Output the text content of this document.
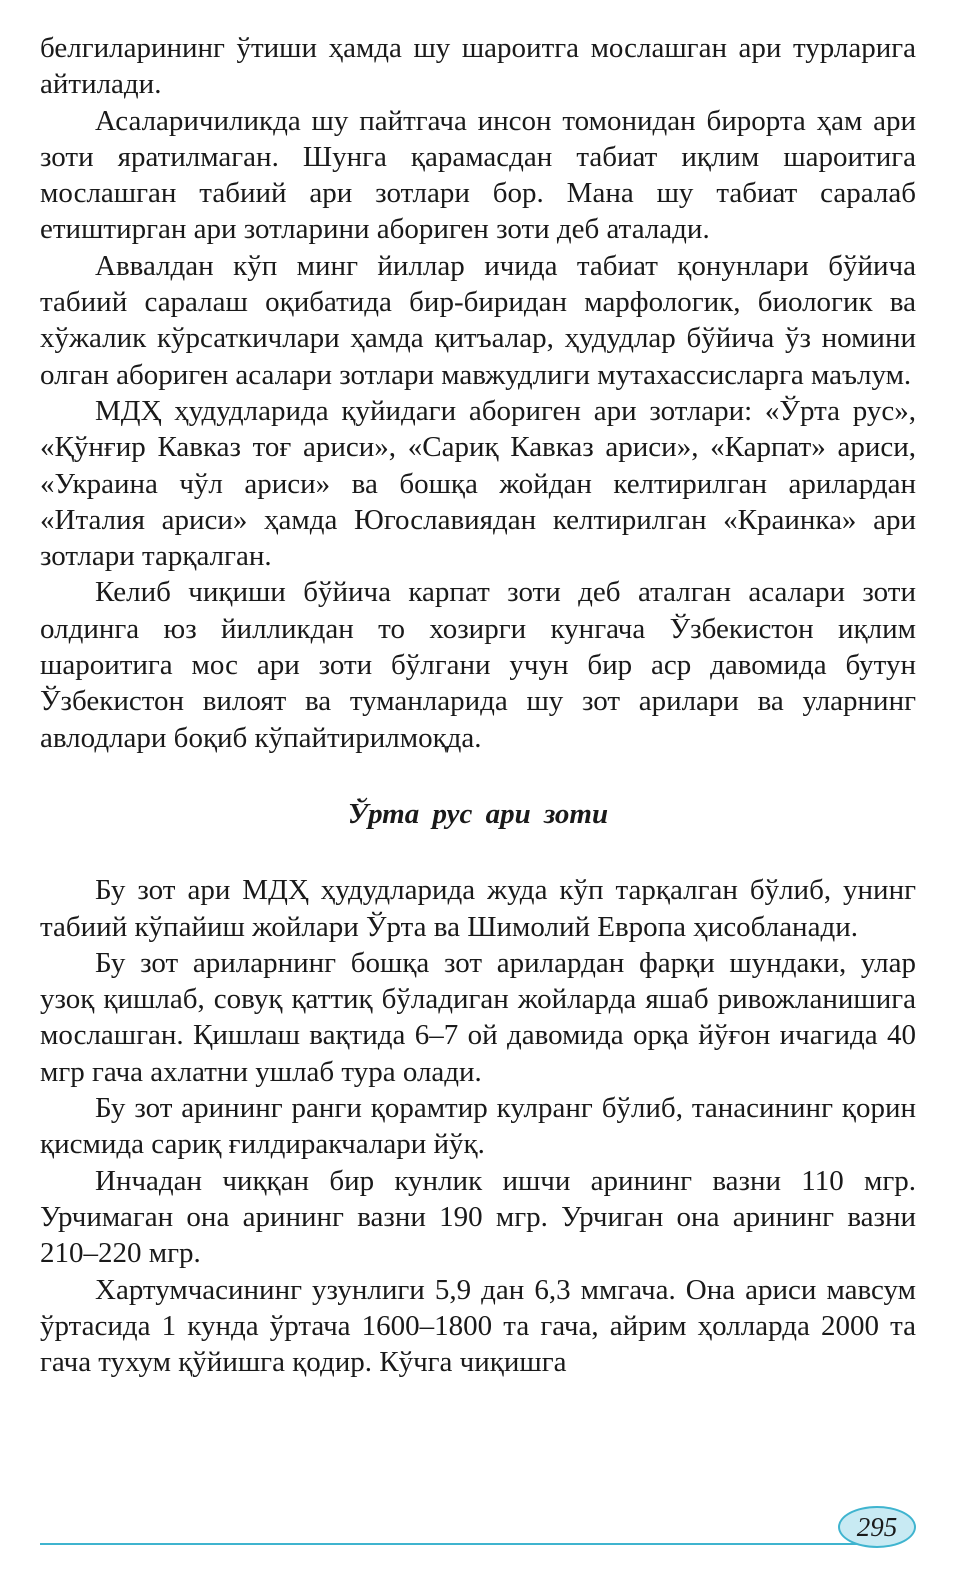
белгиларининг ўтиши ҳамда шу шароитга мослашган ари турларига айтилади.

Асаларичиликда шу пайтгача инсон томонидан бирорта ҳам ари зоти яратилмаган. Шунга қарамасдан табиат иқлим шароитига мослашган табиий ари зотлари бор. Мана шу табиат саралаб етиштирган ари зотларини абориген зоти деб аталади.

Аввалдан кўп минг йиллар ичида табиат қонунлари бўйича табиий саралаш оқибатида бир-биридан марфологик, биологик ва хўжалик кўрсаткичлари ҳамда қитъалар, ҳудудлар бўйича ўз номини олган абориген асалари зотлари мавжудлиги мутахассисларга маълум.

МДҲ ҳудудларида қуйидаги абориген ари зотлари: «Ўрта рус», «Қўнғир Кавказ тоғ ариси», «Сариқ Кавказ ариси», «Карпат» ариси, «Украина чўл ариси» ва бошқа жойдан келтирилган арилардан «Италия ариси» ҳамда Югославиядан келтирилган «Краинка» ари зотлари тарқалган.

Келиб чиқиши бўйича карпат зоти деб аталган асалари зоти олдинга юз йилликдан то хозирги кунгача Ўзбекистон иқлим шароитига мос ари зоти бўлгани учун бир аср давомида бутун Ўзбекистон вилоят ва туманларида шу зот арилари ва уларнинг авлодлари боқиб кўпайтирилмоқда.

Ўрта рус ари зоти

Бу зот ари МДҲ ҳудудларида жуда кўп тарқалган бўлиб, унинг табиий кўпайиш жойлари Ўрта ва Шимолий Европа ҳисобланади.

Бу зот ариларнинг бошқа зот арилардан фарқи шундаки, улар узоқ қишлаб, совуқ қаттиқ бўладиган жойларда яшаб ривожланишига мослашган. Қишлаш вақтида 6–7 ой давомида орқа йўғон ичагида 40 мгр гача ахлатни ушлаб тура олади.

Бу зот арининг ранги қорамтир кулранг бўлиб, танасининг қорин қисмида сариқ ғилдиракчалари йўқ.

Инчадан чиққан бир кунлик ишчи арининг вазни 110 мгр. Урчимаган она арининг вазни 190 мгр. Урчиган она арининг вазни 210–220 мгр.

Хартумчасининг узунлиги 5,9 дан 6,3 ммгача. Она ариси мавсум ўртасида 1 кунда ўртача 1600–1800 та гача, айрим ҳолларда 2000 та гача тухум қўйишга қодир. Кўчга чиқишга

295
